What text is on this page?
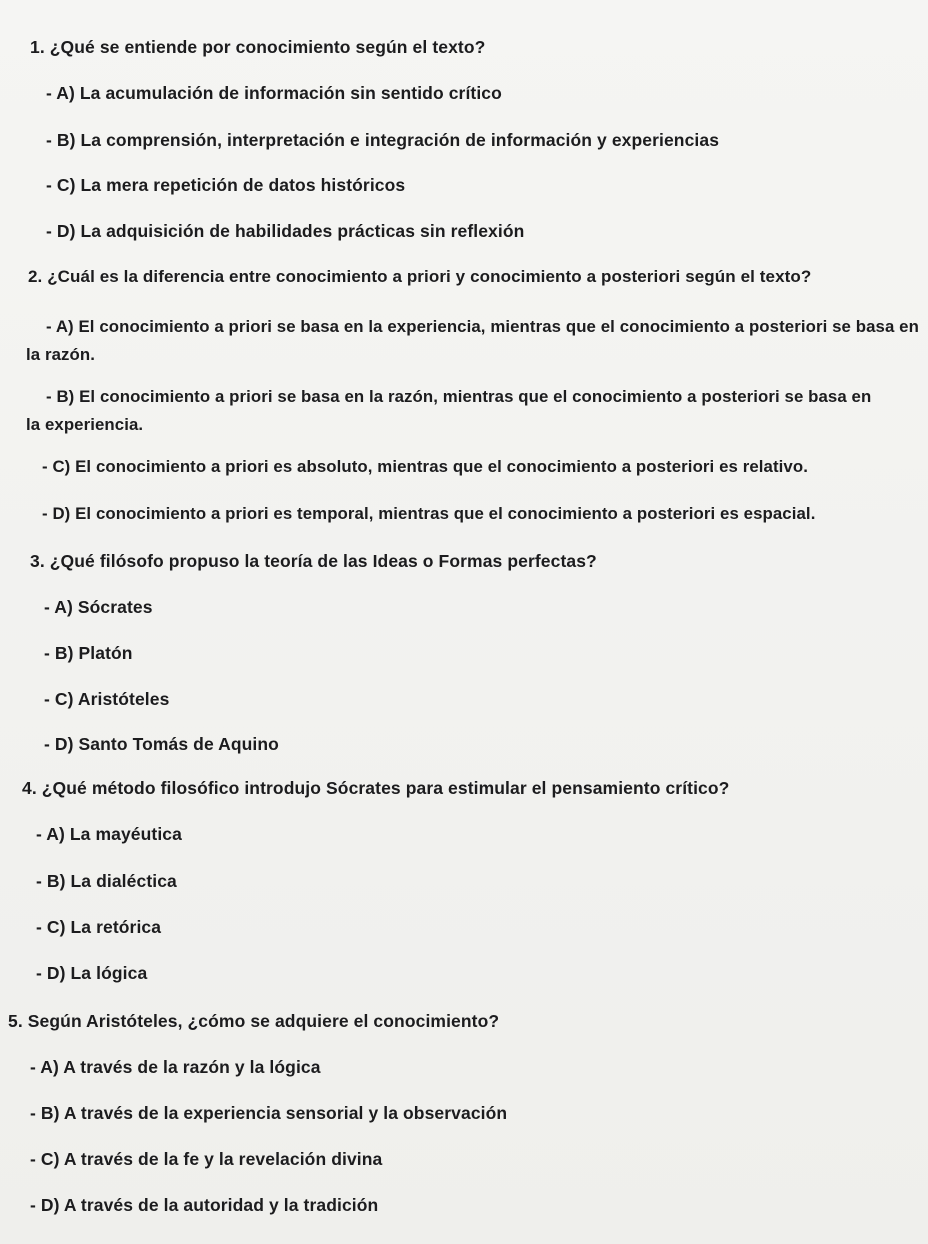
1. ¿Qué se entiende por conocimiento según el texto?
- A) La acumulación de información sin sentido crítico
- B) La comprensión, interpretación e integración de información y experiencias
- C) La mera repetición de datos históricos
- D) La adquisición de habilidades prácticas sin reflexión
2. ¿Cuál es la diferencia entre conocimiento a priori y conocimiento a posteriori según el texto?
- A) El conocimiento a priori se basa en la experiencia, mientras que el conocimiento a posteriori se basa en la razón.
- B) El conocimiento a priori se basa en la razón, mientras que el conocimiento a posteriori se basa en la experiencia.
- C) El conocimiento a priori es absoluto, mientras que el conocimiento a posteriori es relativo.
- D) El conocimiento a priori es temporal, mientras que el conocimiento a posteriori es espacial.
3. ¿Qué filósofo propuso la teoría de las Ideas o Formas perfectas?
- A) Sócrates
- B) Platón
- C) Aristóteles
- D) Santo Tomás de Aquino
4. ¿Qué método filosófico introdujo Sócrates para estimular el pensamiento crítico?
- A) La mayéutica
- B) La dialéctica
- C) La retórica
- D) La lógica
5. Según Aristóteles, ¿cómo se adquiere el conocimiento?
- A) A través de la razón y la lógica
- B) A través de la experiencia sensorial y la observación
- C) A través de la fe y la revelación divina
- D) A través de la autoridad y la tradición
